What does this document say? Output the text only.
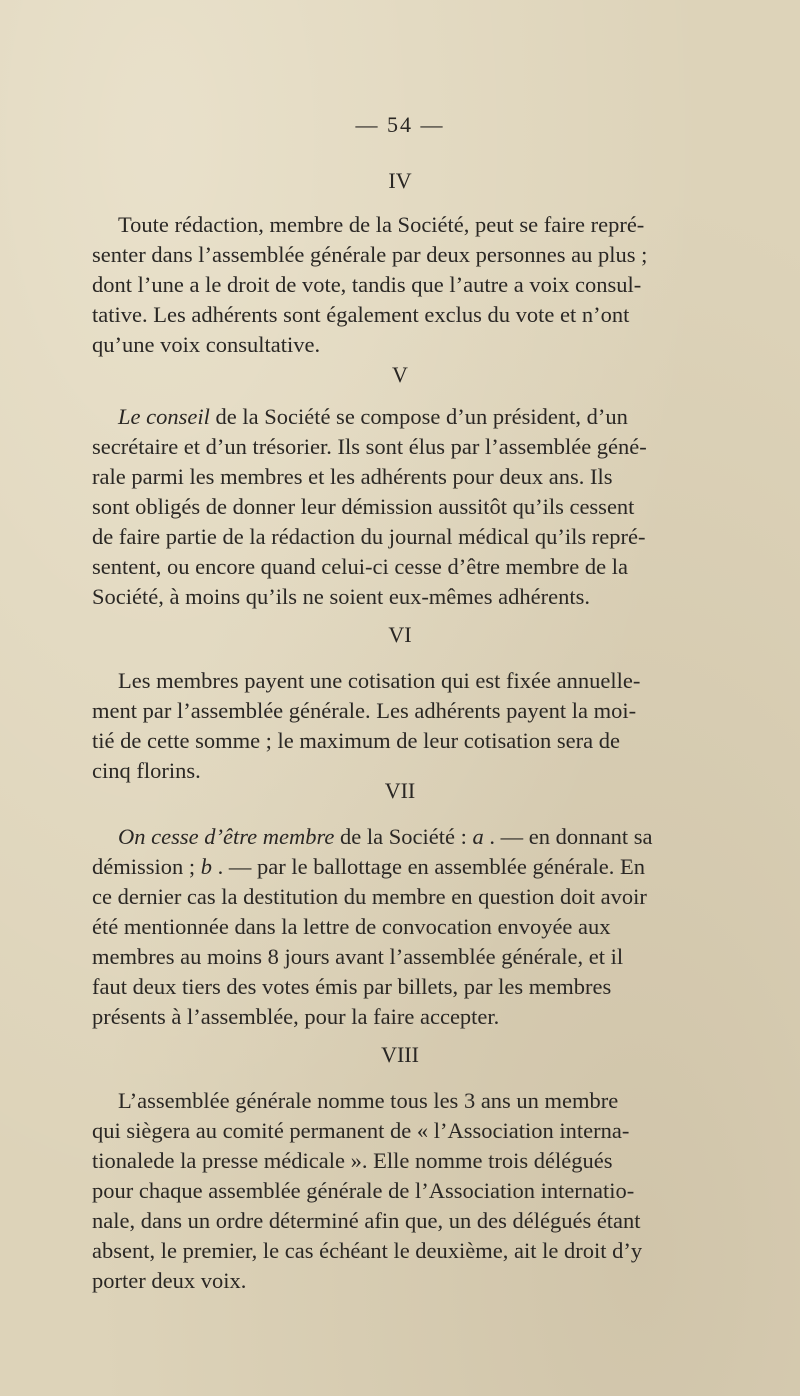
— 54 —
IV
Toute rédaction, membre de la Société, peut se faire repré-
senter dans l’assemblée générale par deux personnes au plus ;
dont l’une a le droit de vote, tandis que l’autre a voix consul-
tative. Les adhérents sont également exclus du vote et n’ont
qu’une voix consultative.
V
Le conseil de la Société se compose d’un président, d’un
secrétaire et d’un trésorier. Ils sont élus par l’assemblée géné-
rale parmi les membres et les adhérents pour deux ans. Ils
sont obligés de donner leur démission aussitôt qu’ils cessent
de faire partie de la rédaction du journal médical qu’ils repré-
sentent, ou encore quand celui-ci cesse d’être membre de la
Société, à moins qu’ils ne soient eux-mêmes adhérents.
VI
Les membres payent une cotisation qui est fixée annuelle-
ment par l’assemblée générale. Les adhérents payent la moi-
tié de cette somme ; le maximum de leur cotisation sera de
cinq florins.
VII
On cesse d’être membre de la Société : a . — en donnant sa
démission ; b . — par le ballottage en assemblée générale. En
ce dernier cas la destitution du membre en question doit avoir
été mentionnée dans la lettre de convocation envoyée aux
membres au moins 8 jours avant l’assemblée générale, et il
faut deux tiers des votes émis par billets, par les membres
présents à l’assemblée, pour la faire accepter.
VIII
L’assemblée générale nomme tous les 3 ans un membre
qui siègera au comité permanent de « l’Association interna-
tionalede la presse médicale ». Elle nomme trois délégués
pour chaque assemblée générale de l’Association internatio-
nale, dans un ordre déterminé afin que, un des délégués étant
absent, le premier, le cas échéant le deuxième, ait le droit d’y
porter deux voix.
